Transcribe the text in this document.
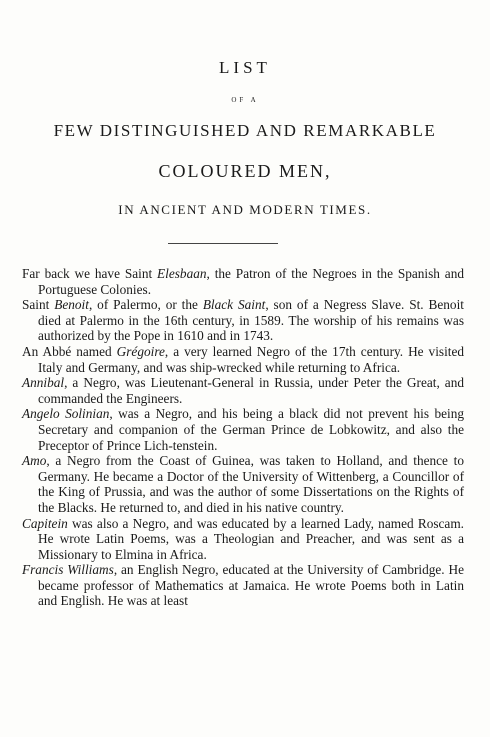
LIST
OF A
FEW DISTINGUISHED AND REMARKABLE
COLOURED MEN,
IN ANCIENT AND MODERN TIMES.

Far back we have Saint Elesbaan, the Patron of the Negroes in the Spanish and Portuguese Colonies.

Saint Benoit, of Palermo, or the Black Saint, son of a Negress Slave. St. Benoit died at Palermo in the 16th century, in 1589. The worship of his remains was authorized by the Pope in 1610 and in 1743.

An Abbé named Grégoire, a very learned Negro of the 17th century. He visited Italy and Germany, and was ship-wrecked while returning to Africa.

Annibal, a Negro, was Lieutenant-General in Russia, under Peter the Great, and commanded the Engineers.

Angelo Solinian, was a Negro, and his being a black did not prevent his being Secretary and companion of the German Prince de Lobkowitz, and also the Preceptor of Prince Lich-tenstein.

Amo, a Negro from the Coast of Guinea, was taken to Holland, and thence to Germany. He became a Doctor of the University of Wittenberg, a Councillor of the King of Prussia, and was the author of some Dissertations on the Rights of the Blacks. He returned to, and died in his native country.

Capitein was also a Negro, and was educated by a learned Lady, named Roscam. He wrote Latin Poems, was a Theologian and Preacher, and was sent as a Missionary to Elmina in Africa.

Francis Williams, an English Negro, educated at the University of Cambridge. He became professor of Mathematics at Jamaica. He wrote Poems both in Latin and English. He was at least
